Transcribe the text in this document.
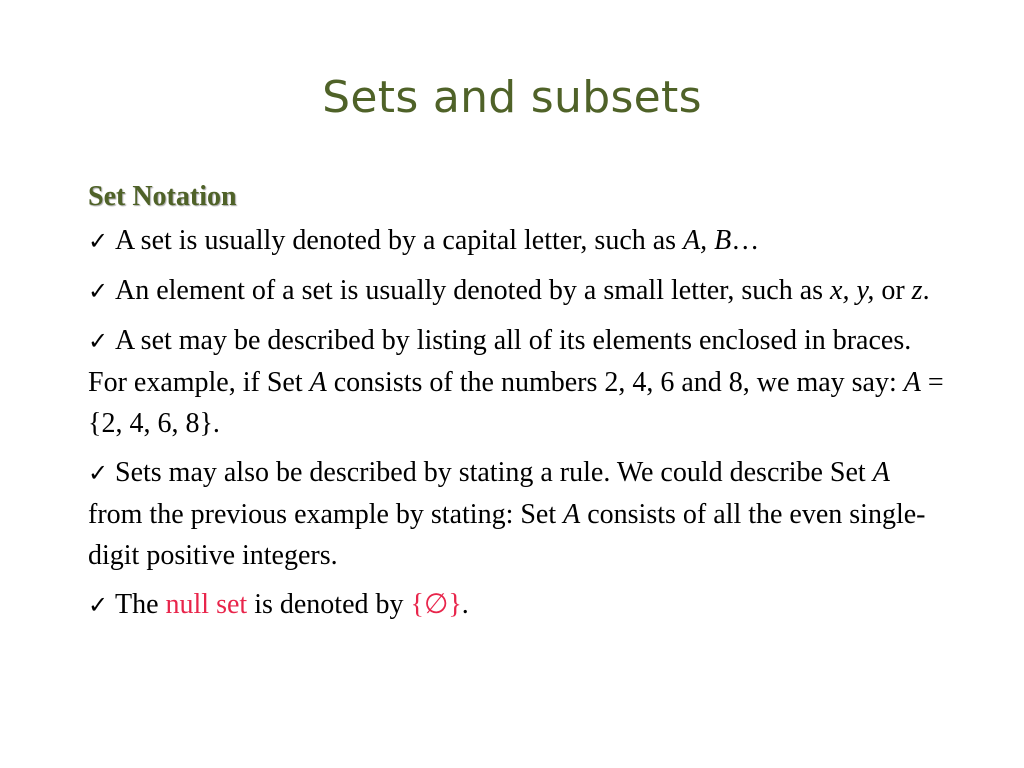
Sets and subsets
Set Notation
✓ A set is usually denoted by a capital letter, such as A, B…
✓ An element of a set is usually denoted by a small letter, such as x, y, or z.
✓ A set may be described by listing all of its elements enclosed in braces. For example, if Set A consists of the numbers 2, 4, 6 and 8, we may say: A = {2, 4, 6, 8}.
✓ Sets may also be described by stating a rule. We could describe Set A from the previous example by stating: Set A consists of all the even single-digit positive integers.
✓ The null set is denoted by {∅}.
